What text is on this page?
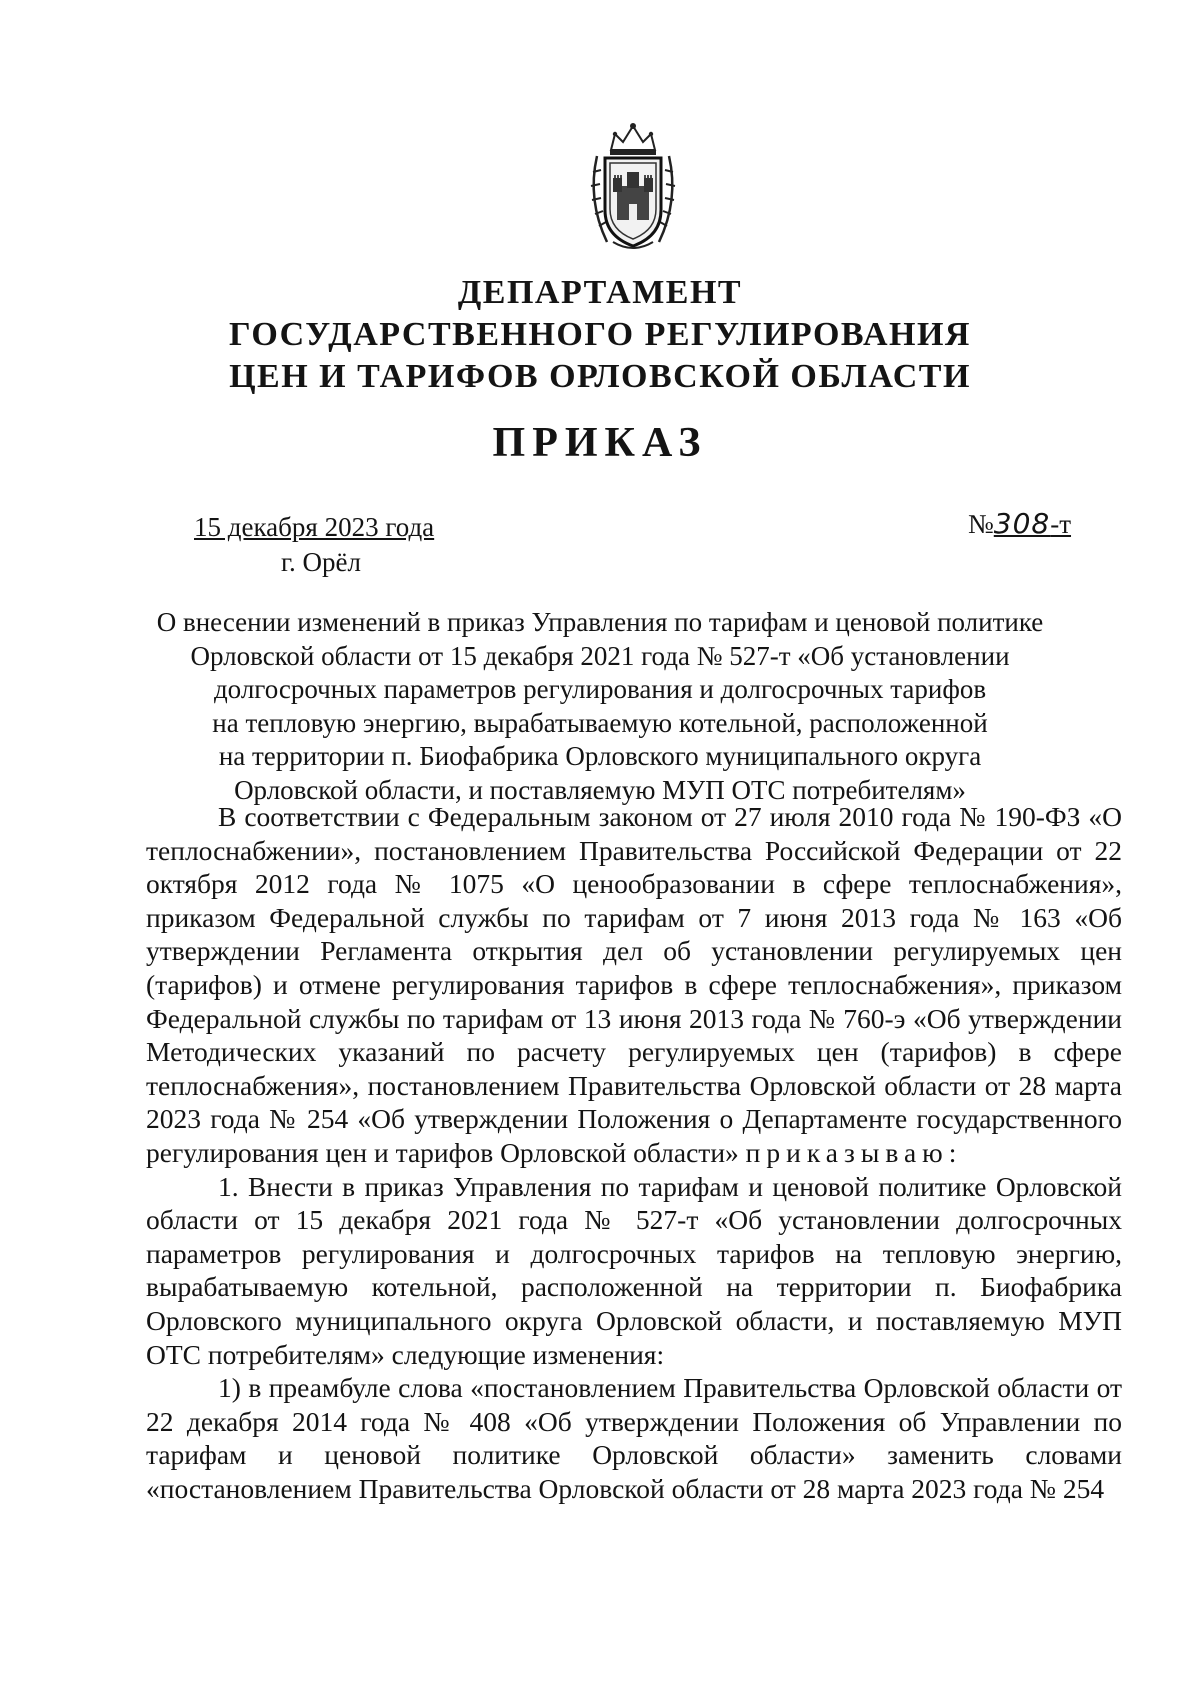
ДЕПАРТАМЕНТ
ГОСУДАРСТВЕННОГО РЕГУЛИРОВАНИЯ
ЦЕН И ТАРИФОВ ОРЛОВСКОЙ ОБЛАСТИ
ПРИКАЗ
15 декабря 2023 года
г. Орёл
№308-т
О внесении изменений в приказ Управления по тарифам и ценовой политике
Орловской области от 15 декабря 2021 года № 527-т «Об установлении
долгосрочных параметров регулирования и долгосрочных тарифов
на тепловую энергию, вырабатываемую котельной, расположенной
на территории п. Биофабрика Орловского муниципального округа
Орловской области, и поставляемую МУП ОТС потребителям»

В соответствии с Федеральным законом от 27 июля 2010 года № 190-ФЗ «О теплоснабжении», постановлением Правительства Российской Федерации от 22 октября 2012 года № 1075 «О ценообразовании в сфере теплоснабжения», приказом Федеральной службы по тарифам от 7 июня 2013 года № 163 «Об утверждении Регламента открытия дел об установлении регулируемых цен (тарифов) и отмене регулирования тарифов в сфере теплоснабжения», приказом Федеральной службы по тарифам от 13 июня 2013 года № 760-э «Об утверждении Методических указаний по расчету регулируемых цен (тарифов) в сфере теплоснабжения», постановлением Правительства Орловской области от 28 марта 2023 года № 254 «Об утверждении Положения о Департаменте государственного регулирования цен и тарифов Орловской области» приказываю:

1. Внести в приказ Управления по тарифам и ценовой политике Орловской области от 15 декабря 2021 года № 527-т «Об установлении долгосрочных параметров регулирования и долгосрочных тарифов на тепловую энергию, вырабатываемую котельной, расположенной на территории п. Биофабрика Орловского муниципального округа Орловской области, и поставляемую МУП ОТС потребителям» следующие изменения:

1) в преамбуле слова «постановлением Правительства Орловской области от 22 декабря 2014 года № 408 «Об утверждении Положения об Управлении по тарифам и ценовой политике Орловской области» заменить словами «постановлением Правительства Орловской области от 28 марта 2023 года № 254
